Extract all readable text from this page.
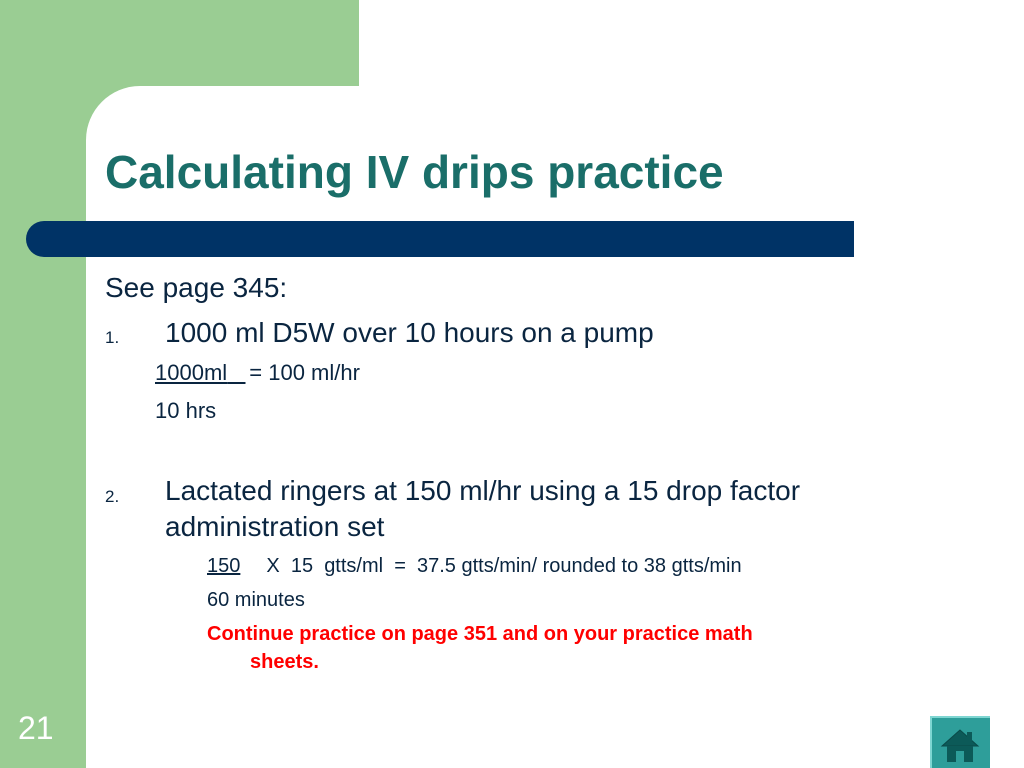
Calculating IV drips practice
See page 345:
1. 1000 ml D5W over 10 hours on a pump
1000ml = 100 ml/hr
10 hrs
2. Lactated ringers at 150 ml/hr using a 15 drop factor
administration set
150 X  15  gtts/ml  =  37.5 gtts/min/ rounded to 38 gtts/min
60 minutes
Continue practice on page 351 and on your practice math
sheets.
21
